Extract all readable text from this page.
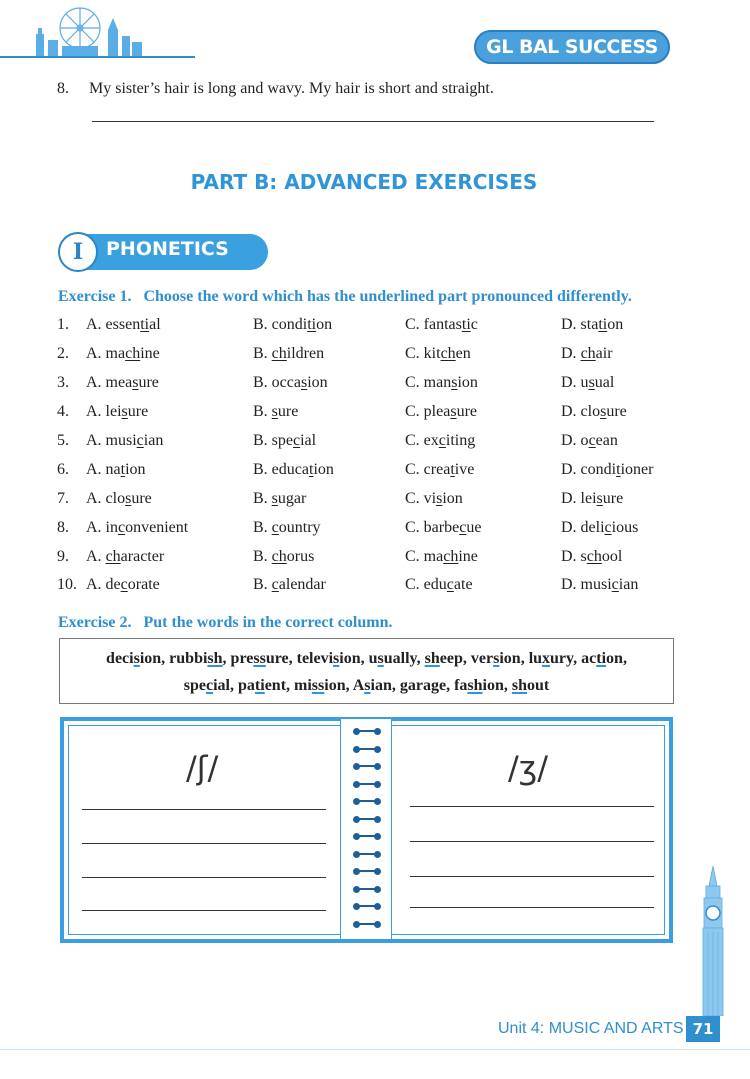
GL BAL SUCCESS
8. My sister’s hair is long and wavy. My hair is short and straight.
PART B: ADVANCED EXERCISES
I	PHONETICS
Exercise 1. Choose the word which has the underlined part pronounced differently.
1. A. essential	B. condition	C. fantastic	D. station
2. A. machine	B. children	C. kitchen	D. chair
3. A. measure	B. occasion	C. mansion	D. usual
4. A. leisure	B. sure	C. pleasure	D. closure
5. A. musician	B. special	C. exciting	D. ocean
6. A. nation	B. education	C. creative	D. conditioner
7. A. closure	B. sugar	C. vision	D. leisure
8. A. inconvenient	B. country	C. barbecue	D. delicious
9. A. character	B. chorus	C. machine	D. school
10. A. decorate	B. calendar	C. educate	D. musician
Exercise 2. Put the words in the correct column.
decision, rubbish, pressure, television, usually, sheep, version, luxury, action,
special, patient, mission, Asian, garage, fashion, shout
/ʃ/	/ʒ/
Unit 4: MUSIC AND ARTS 71
